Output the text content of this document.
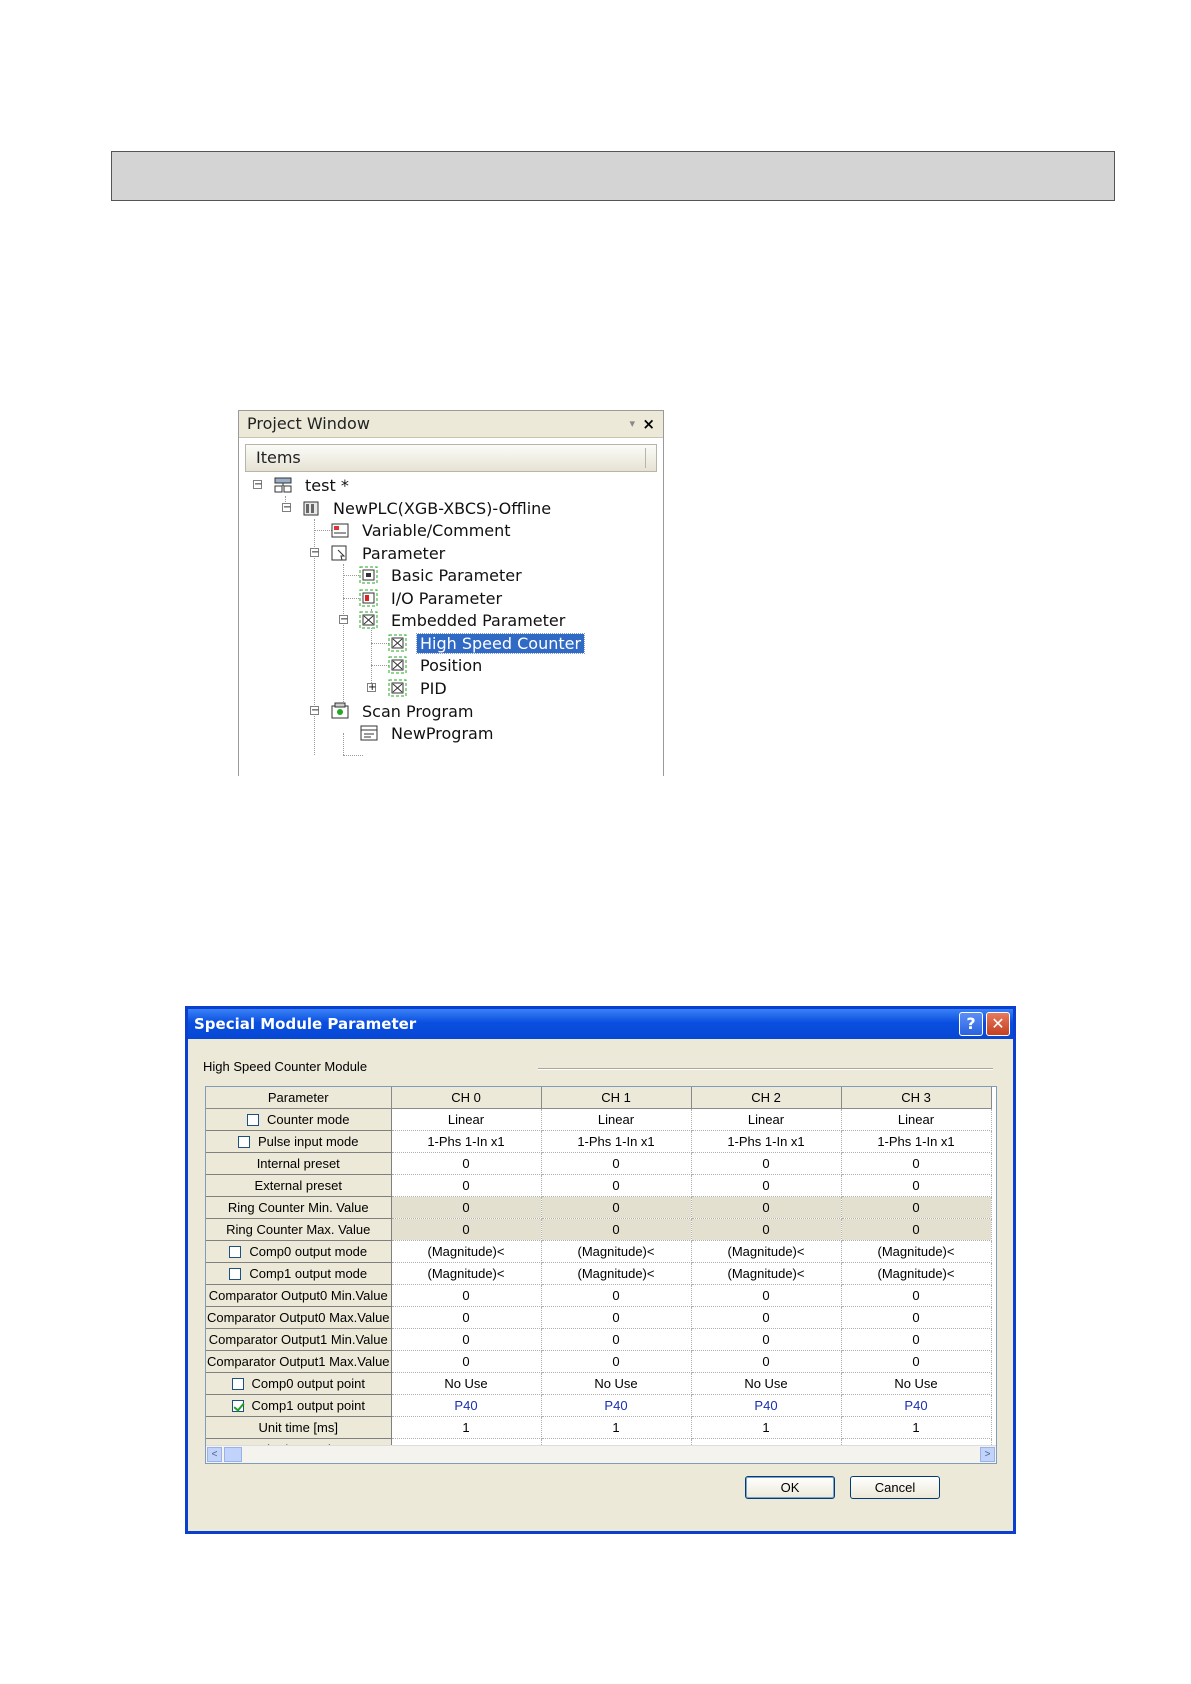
Project Window	▾ ×
Items
−	test *
−	NewPLC(XGB-XBCS)-Offline
Variable/Comment
−	Parameter
Basic Parameter
I/O Parameter
−	Embedded Parameter
High Speed Counter
Position
+	PID
−	Scan Program
NewProgram
Special Module Parameter	? ✕
High Speed Counter Module
Parameter	CH 0	CH 1	CH 2	CH 3
Counter mode	Linear	Linear	Linear	Linear
Pulse input mode	1-Phs 1-In x1	1-Phs 1-In x1	1-Phs 1-In x1	1-Phs 1-In x1
Internal preset	0	0	0	0
External preset	0	0	0	0
Ring Counter Min. Value	0	0	0	0
Ring Counter Max. Value	0	0	0	0
Comp0 output mode	(Magnitude)<	(Magnitude)<	(Magnitude)<	(Magnitude)<
Comp1 output mode	(Magnitude)<	(Magnitude)<	(Magnitude)<	(Magnitude)<
Comparator Output0 Min.Value	0	0	0	0
Comparator Output0 Max.Value	0	0	0	0
Comparator Output1 Min.Value	0	0	0	0
Comparator Output1 Max.Value	0	0	0	0
Comp0 output point	No Use	No Use	No Use	No Use
Comp1 output point	P40	P40	P40	P40
Unit time [ms]	1	1	1	1

<	>
OK	Cancel
